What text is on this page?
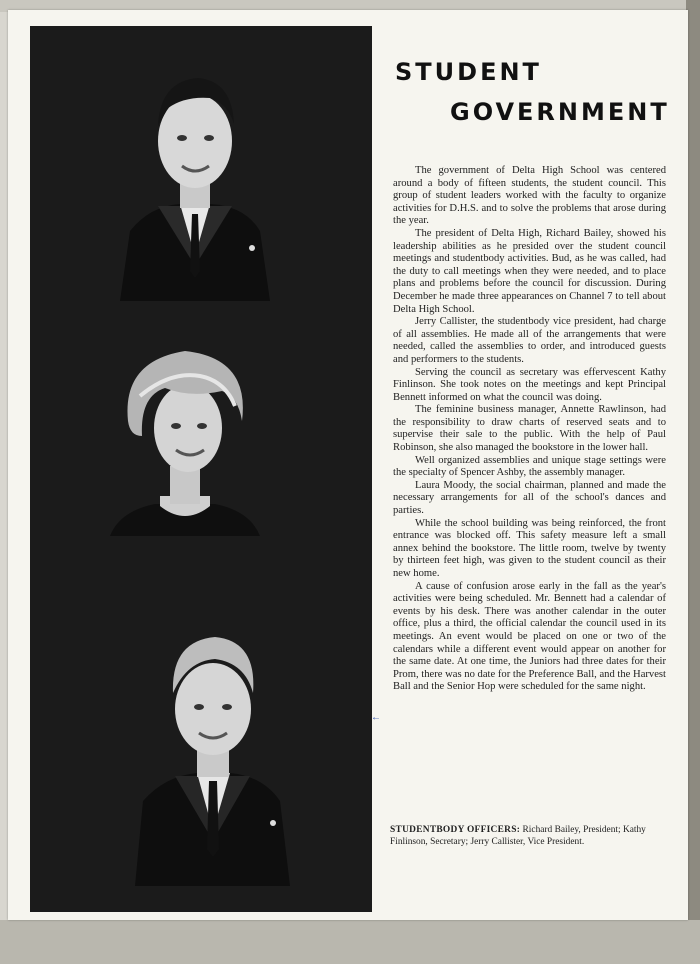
STUDENT
GOVERNMENT

The government of Delta High School was centered around a body of fifteen students, the student council. This group of student leaders worked with the faculty to organize activities for D.H.S. and to solve the problems that arose during the year.

The president of Delta High, Richard Bailey, showed his leadership abilities as he presided over the student council meetings and studentbody activities. Bud, as he was called, had the duty to call meetings when they were needed, and to place plans and problems before the council for discussion. During December he made three appearances on Channel 7 to tell about Delta High School.

Jerry Callister, the studentbody vice president, had charge of all assemblies. He made all of the arrangements that were needed, called the assemblies to order, and introduced guests and performers to the students.

Serving the council as secretary was effervescent Kathy Finlinson. She took notes on the meetings and kept Principal Bennett informed on what the council was doing.

The feminine business manager, Annette Rawlinson, had the responsibility to draw charts of reserved seats and to supervise their sale to the public. With the help of Paul Robinson, she also managed the bookstore in the lower hall.

Well organized assemblies and unique stage settings were the specialty of Spencer Ashby, the assembly manager.

Laura Moody, the social chairman, planned and made the necessary arrangements for all of the school's dances and parties.

While the school building was being reinforced, the front entrance was blocked off. This safety measure left a small annex behind the bookstore. The little room, twelve by twenty by thirteen feet high, was given to the student council as their new home.

A cause of confusion arose early in the fall as the year's activities were being scheduled. Mr. Bennett had a calendar of events by his desk. There was another calendar in the outer office, plus a third, the official calendar the council used in its meetings. An event would be placed on one or two of the calendars while a different event would appear on another for the same date. At one time, the Juniors had three dates for their Prom, there was no date for the Preference Ball, and the Harvest Ball and the Senior Hop were scheduled for the same night.

←
STUDENTBODY OFFICERS: Richard Bailey, President; Kathy Finlinson, Secretary; Jerry Callister, Vice President.
